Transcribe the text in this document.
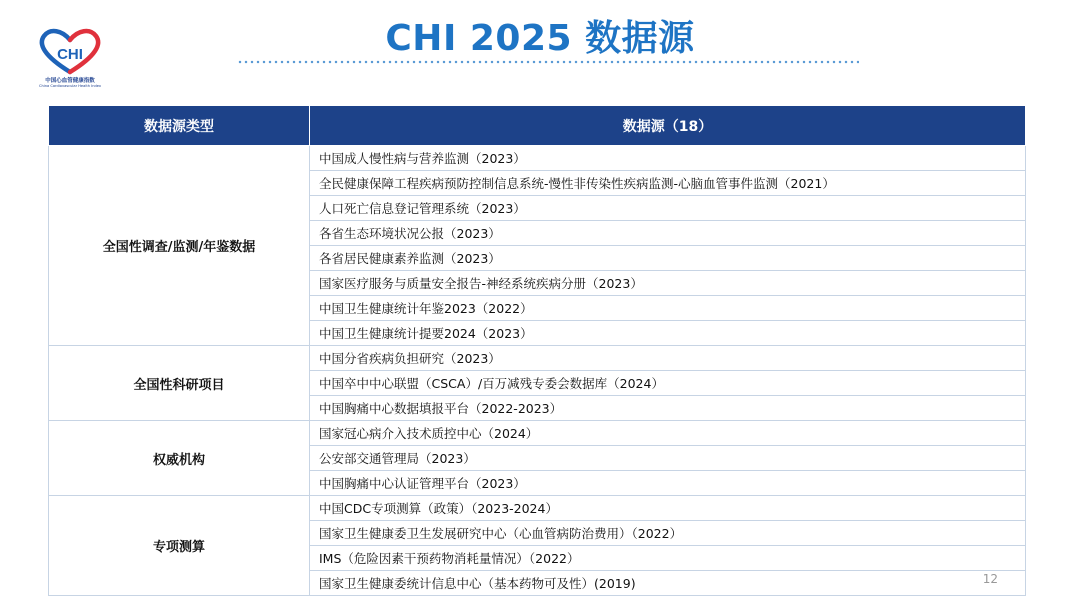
CHI
中国心血管健康指数
China Cardiovascular Health Index
CHI 2025 数据源
数据源类型	数据源（18）
全国性调查/监测/年鉴数据	中国成人慢性病与营养监测（2023）
	全民健康保障工程疾病预防控制信息系统-慢性非传染性疾病监测-心脑血管事件监测（2021）
	人口死亡信息登记管理系统（2023）
	各省生态环境状况公报（2023）
	各省居民健康素养监测（2023）
	国家医疗服务与质量安全报告-神经系统疾病分册（2023）
	中国卫生健康统计年鉴2023（2022）
	中国卫生健康统计提要2024（2023）
全国性科研项目	中国分省疾病负担研究（2023）
	中国卒中中心联盟（CSCA）/百万减残专委会数据库（2024）
	中国胸痛中心数据填报平台（2022-2023）
权威机构	国家冠心病介入技术质控中心（2024）
	公安部交通管理局（2023）
	中国胸痛中心认证管理平台（2023）
专项测算	中国CDC专项测算（政策）（2023-2024）
	国家卫生健康委卫生发展研究中心（心血管病防治费用）（2022）
	IMS（危险因素干预药物消耗量情况）（2022）
	国家卫生健康委统计信息中心（基本药物可及性）(2019)	12
